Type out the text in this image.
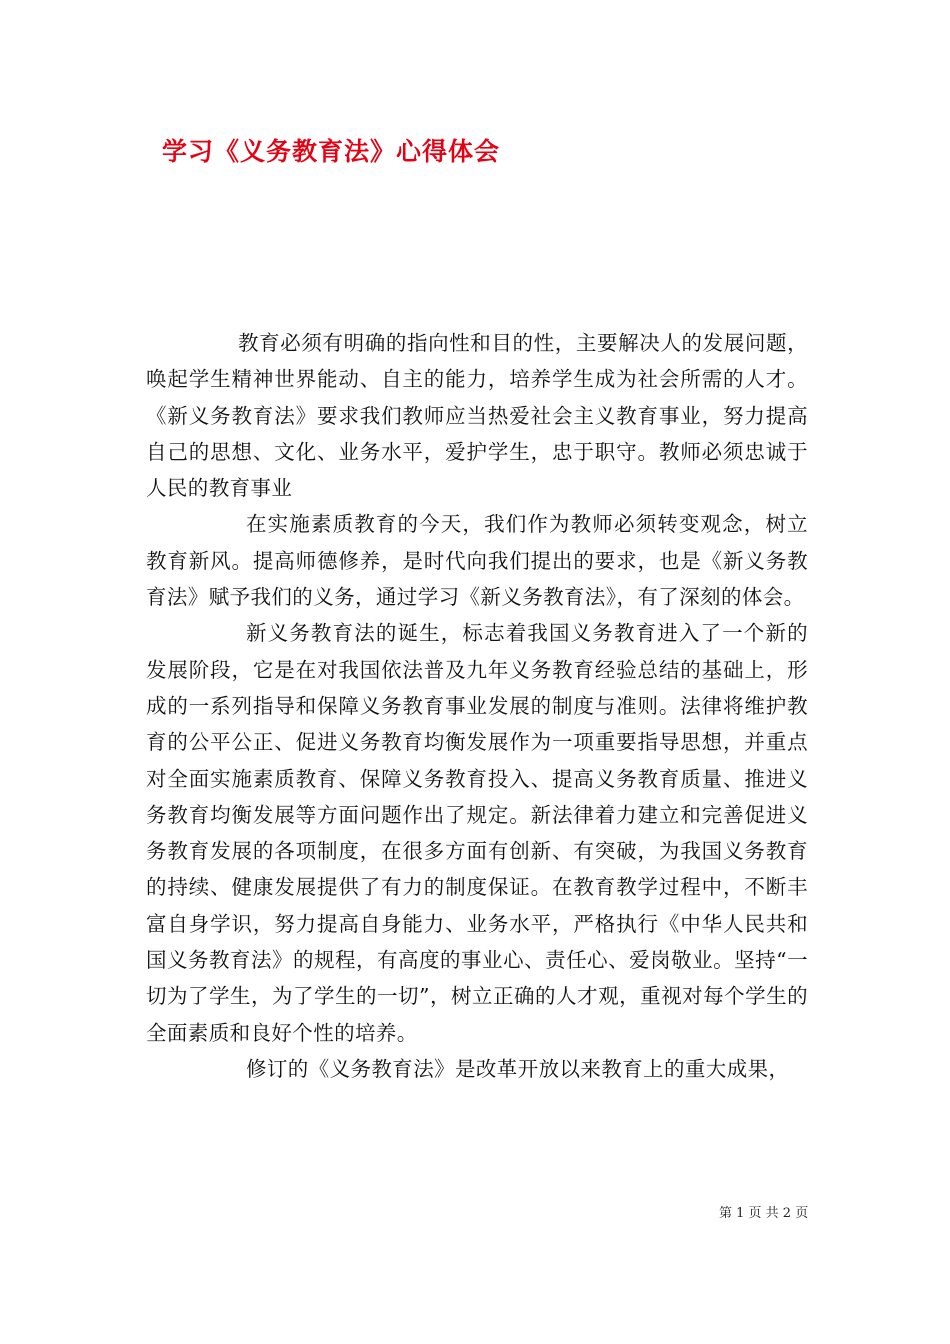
学习《义务教育法》心得体会

教育必须有明确的指向性和目的性，主要解决人的发展问题，唤起学生精神世界能动、自主的能力，培养学生成为社会所需的人才。《新义务教育法》要求我们教师应当热爱社会主义教育事业，努力提高自己的思想、文化、业务水平，爱护学生，忠于职守。教师必须忠诚于人民的教育事业

在实施素质教育的今天，我们作为教师必须转变观念，树立教育新风。提高师德修养，是时代向我们提出的要求，也是《新义务教育法》赋予我们的义务，通过学习《新义务教育法》，有了深刻的体会。

新义务教育法的诞生，标志着我国义务教育进入了一个新的发展阶段，它是在对我国依法普及九年义务教育经验总结的基础上，形成的一系列指导和保障义务教育事业发展的制度与准则。法律将维护教育的公平公正、促进义务教育均衡发展作为一项重要指导思想，并重点对全面实施素质教育、保障义务教育投入、提高义务教育质量、推进义务教育均衡发展等方面问题作出了规定。新法律着力建立和完善促进义务教育发展的各项制度，在很多方面有创新、有突破，为我国义务教育的持续、健康发展提供了有力的制度保证。在教育教学过程中，不断丰富自身学识，努力提高自身能力、业务水平，严格执行《中华人民共和国义务教育法》的规程，有高度的事业心、责任心、爱岗敬业。坚持“一切为了学生，为了学生的一切”，树立正确的人才观，重视对每个学生的全面素质和良好个性的培养。

修订的《义务教育法》是改革开放以来教育上的重大成果，

第 1 页 共 2 页
